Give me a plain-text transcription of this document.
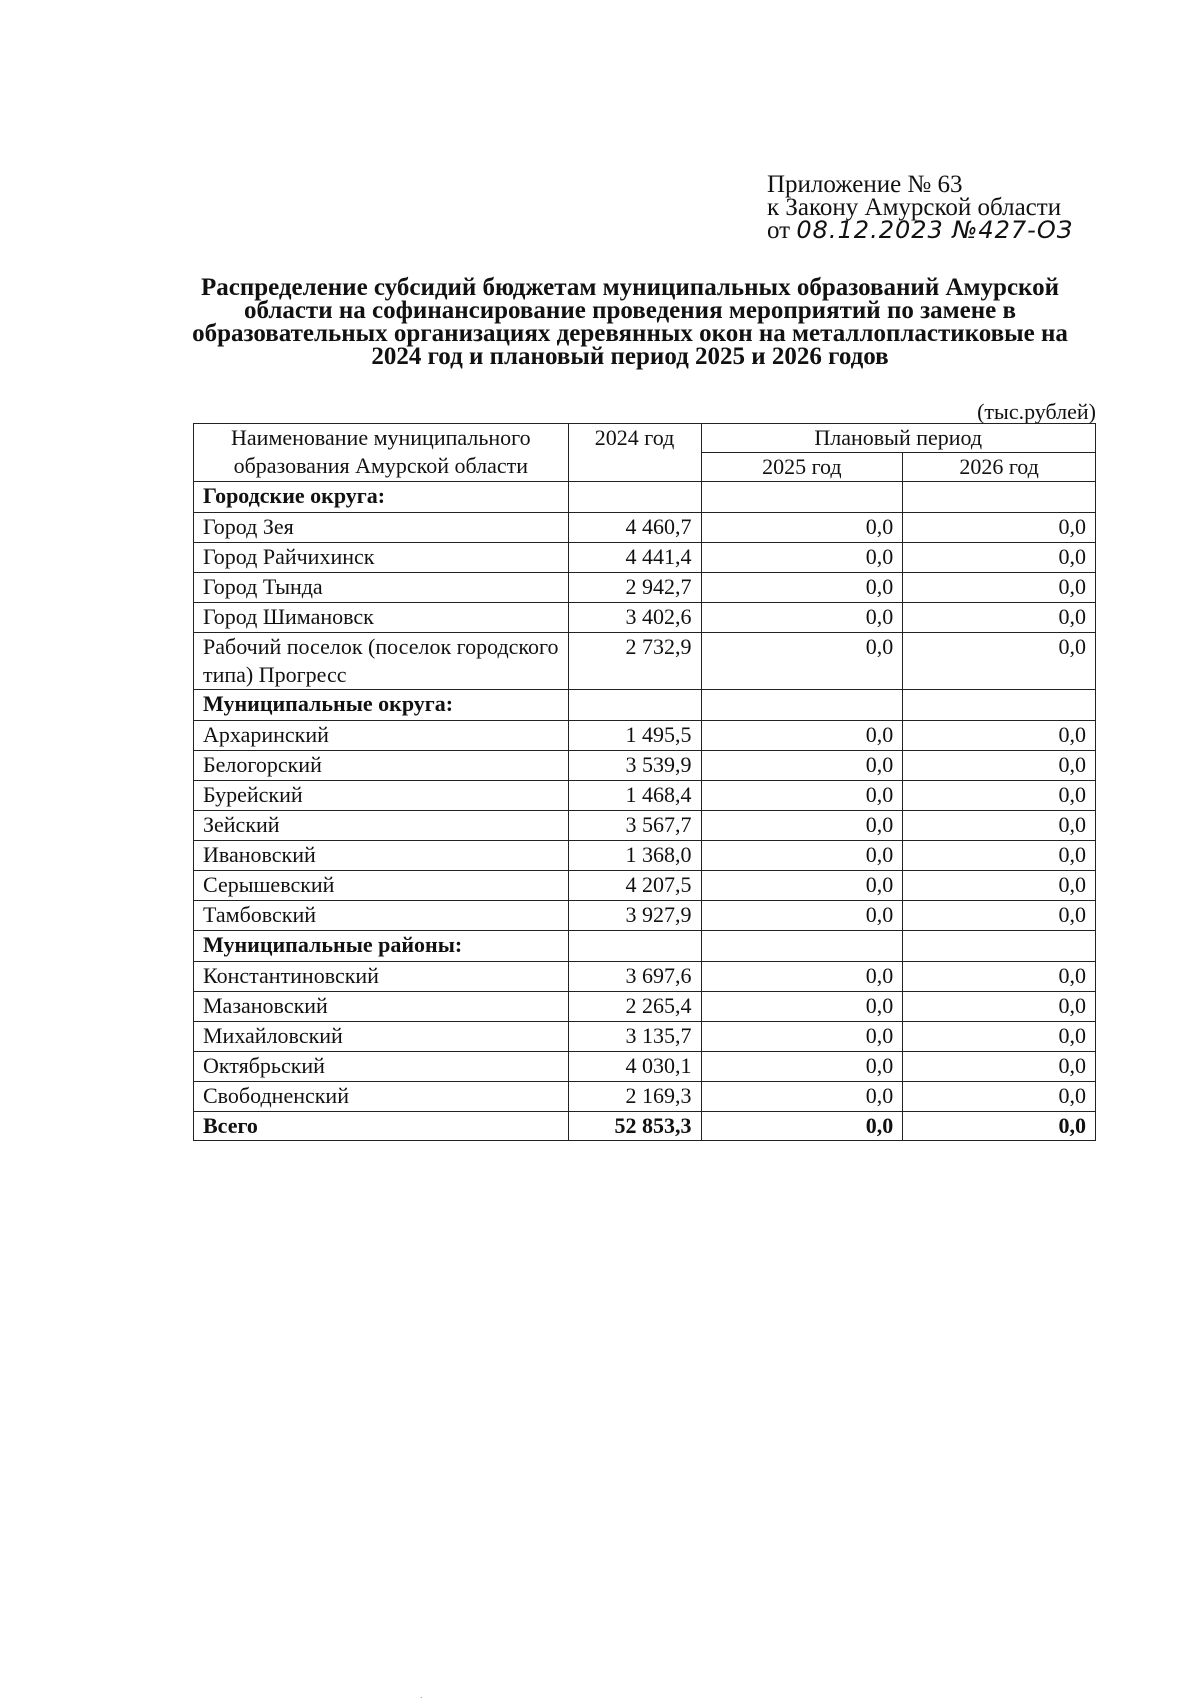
Приложение № 63
к Закону Амурской области
от 08.12.2023 №427-ОЗ
Распределение субсидий бюджетам муниципальных образований Амурской области на софинансирование проведения мероприятий по замене в образовательных организациях деревянных окон на металлопластиковые на 2024 год и плановый период 2025 и 2026 годов
(тыс.рублей)
Наименование муниципального образования Амурской области	2024 год	Плановый период	
		2025 год	2026 год
Городские округа:			
Город Зея	4 460,7	0,0	0,0
Город Райчихинск	4 441,4	0,0	0,0
Город Тында	2 942,7	0,0	0,0
Город Шимановск	3 402,6	0,0	0,0
Рабочий поселок (поселок городского типа) Прогресс	2 732,9	0,0	0,0
Муниципальные округа:			
Архаринский	1 495,5	0,0	0,0
Белогорский	3 539,9	0,0	0,0
Бурейский	1 468,4	0,0	0,0
Зейский	3 567,7	0,0	0,0
Ивановский	1 368,0	0,0	0,0
Серышевский	4 207,5	0,0	0,0
Тамбовский	3 927,9	0,0	0,0
Муниципальные районы:			
Константиновский	3 697,6	0,0	0,0
Мазановский	2 265,4	0,0	0,0
Михайловский	3 135,7	0,0	0,0
Октябрьский	4 030,1	0,0	0,0
Свободненский	2 169,3	0,0	0,0
Всего	52 853,3	0,0	0,0
.
